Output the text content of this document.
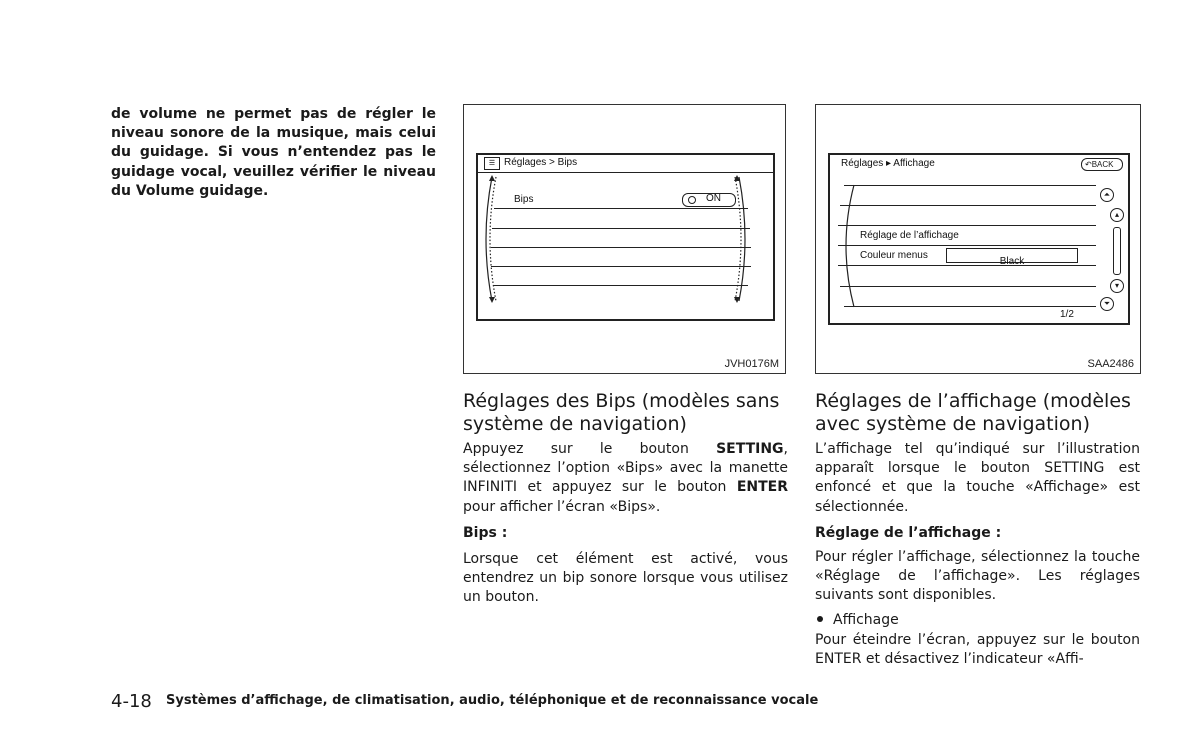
de volume ne permet pas de régler le niveau sonore de la musique, mais celui du guidage. Si vous n’entendez pas le guidage vocal, veuillez vérifier le niveau du Volume guidage.
☰ Réglages > Bips
Bips	ON
JVH0176M
Réglages ▸ Affichage	↶BACK
Réglage de l’affichage
Couleur menus
Black
1/2
⏶
▴
▾
⏷
SAA2486
Réglages des Bips (modèles sans
système de navigation)

Appuyez sur le bouton SETTING, sélectionnez l’option «Bips» avec la manette INFINITI et appuyez sur le bouton ENTER pour afficher l’écran «Bips».

Bips :

Lorsque cet élément est activé, vous entendrez un bip sonore lorsque vous utilisez un bouton.

Réglages de l’affichage (modèles
avec système de navigation)

L’affichage tel qu’indiqué sur l’illustration apparaît lorsque le bouton SETTING est enfoncé et que la touche «Affichage» est sélectionnée.

Réglage de l’affichage :

Pour régler l’affichage, sélectionnez la touche «Réglage de l’affichage». Les réglages suivants sont disponibles.

Affichage

Pour éteindre l’écran, appuyez sur le bouton ENTER et désactivez l’indicateur «Affi-

4-18 Systèmes d’affichage, de climatisation, audio, téléphonique et de reconnaissance vocale
